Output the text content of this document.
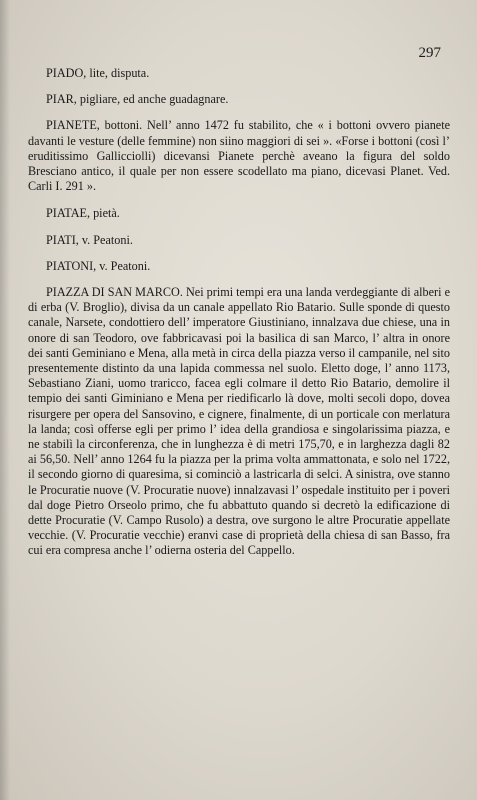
297

PIADO, lite, disputa.

PIAR, pigliare, ed anche guadagnare.

PIANETE, bottoni. Nell’ anno 1472 fu stabilito, che « i bottoni ovvero pianete davanti le vesture (delle femmine) non siino maggiori di sei ». «Forse i bottoni (così l’ eruditissimo Gallicciolli) dicevansi Pianete perchè aveano la figura del soldo Bresciano antico, il quale per non essere scodellato ma piano, dicevasi Planet. Ved. Carli I. 291 ».

PIATAE, pietà.

PIATI, v. Peatoni.

PIATONI, v. Peatoni.

PIAZZA DI SAN MARCO. Nei primi tempi era una landa verdeggiante di alberi e di erba (V. Broglio), divisa da un canale appellato Rio Batario. Sulle sponde di questo canale, Narsete, condottiero dell’ imperatore Giustiniano, innalzava due chiese, una in onore di san Teodoro, ove fabbricavasi poi la basilica di san Marco, l’ altra in onore dei santi Geminiano e Mena, alla metà in circa della piazza verso il campanile, nel sito presentemente distinto da una lapida commessa nel suolo. Eletto doge, l’ anno 1173, Sebastiano Ziani, uomo traricco, facea egli colmare il detto Rio Batario, demolire il tempio dei santi Giminiano e Mena per riedificarlo là dove, molti secoli dopo, dovea risurgere per opera del Sansovino, e cignere, finalmente, di un porticale con merlatura la landa; così offerse egli per primo l’ idea della grandiosa e singolarissima piazza, e ne stabilì la circonferenza, che in lunghezza è di metri 175,70, e in larghezza dagli 82 ai 56,50. Nell’ anno 1264 fu la piazza per la prima volta ammattonata, e solo nel 1722, il secondo giorno di quaresima, si cominciò a lastricarla di selci. A sinistra, ove stanno le Procuratie nuove (V. Procuratie nuove) innalzavasi l’ ospedale instituito per i poveri dal doge Pietro Orseolo primo, che fu abbattuto quando si decretò la edificazione di dette Procuratie (V. Campo Rusolo) a destra, ove surgono le altre Procuratie appellate vecchie. (V. Procuratie vecchie) eranvi case di proprietà della chiesa di san Basso, fra cui era compresa anche l’ odierna osteria del Cappello.
